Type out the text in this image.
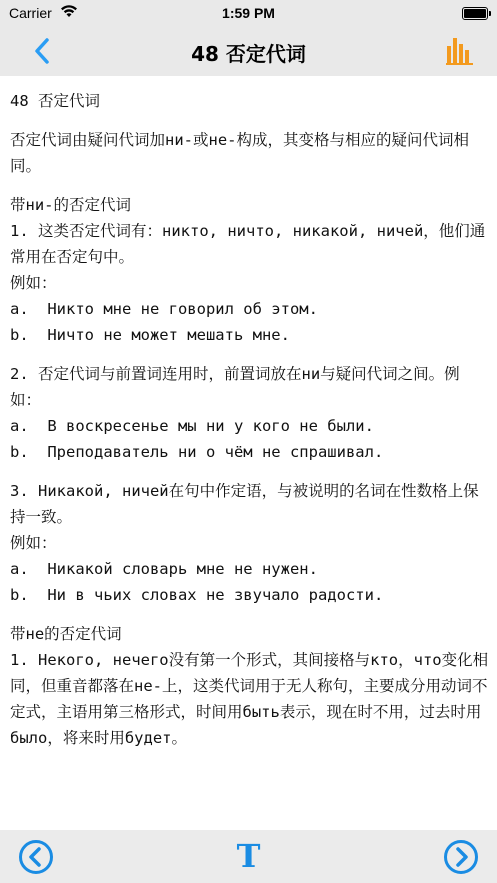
Carrier	1:59 PM
48 否定代词

48 否定代词

否定代词由疑问代词加ни-或не-构成，其变格与相应的疑问代词相同。

带ни-的否定代词

1. 这类否定代词有：никто, ничто, никакой, ничей，他们通常用在否定句中。

例如：

a.  Никто мне не говорил об этом.

b.  Ничто не может мешать мне.

2. 否定代词与前置词连用时，前置词放在ни与疑问代词之间。例如：

a.  В воскресенье мы ни у кого не были.

b.  Преподаватель ни о чём не спрашивал.

3. Никакой, ничей在句中作定语，与被说明的名词在性数格上保持一致。

例如：

a.  Никакой словарь мне не нужен.

b.  Ни в чьих словах не звучало радости.

带не的否定代词

1. Некого, нечего没有第一个形式，其间接格与кто，что变化相同，但重音都落在не-上，这类代词用于无人称句，主要成分用动词不定式，主语用第三格形式，时间用быть表示，现在时不用，过去时用было，将来时用будет。

T
